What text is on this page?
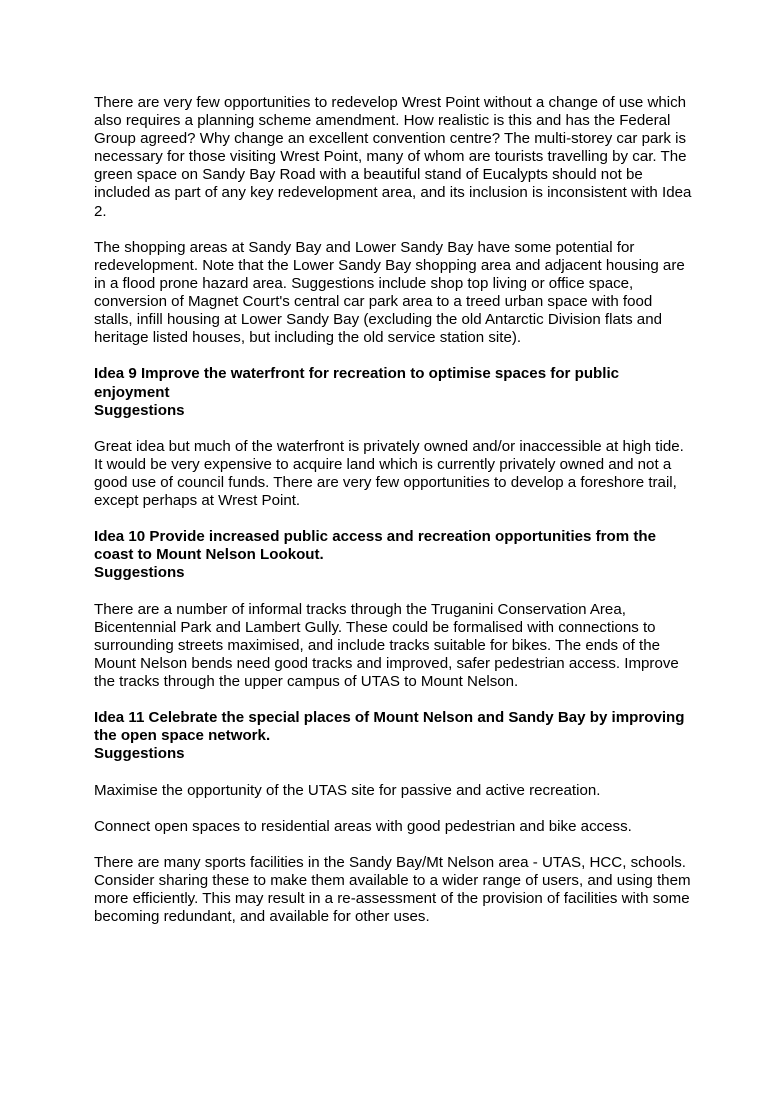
There are very few opportunities to redevelop Wrest Point without a change of use which also requires a planning scheme amendment. How realistic is this and has the Federal Group agreed? Why change an excellent convention centre? The multi-storey car park is necessary for those visiting Wrest Point, many of whom are tourists travelling by car. The green space on Sandy Bay Road with a beautiful stand of Eucalypts should not be included as part of any key redevelopment area, and its inclusion is inconsistent with Idea 2.

The shopping areas at Sandy Bay and Lower Sandy Bay have some potential for redevelopment. Note that the Lower Sandy Bay shopping area and adjacent housing are in a flood prone hazard area. Suggestions include shop top living or office space, conversion of Magnet Court's central car park area to a treed urban space with food stalls, infill housing at Lower Sandy Bay (excluding the old Antarctic Division flats and heritage listed houses, but including the old service station site).

Idea 9 Improve the waterfront for recreation to optimise spaces for public enjoyment

Suggestions

Great idea but much of the waterfront is privately owned and/or inaccessible at high tide. It would be very expensive to acquire land which is currently privately owned and not a good use of council funds. There are very few opportunities to develop a foreshore trail, except perhaps at Wrest Point.

Idea 10 Provide increased public access and recreation opportunities from the coast to Mount Nelson Lookout.

Suggestions

There are a number of informal tracks through the Truganini Conservation Area, Bicentennial Park and Lambert Gully. These could be formalised with connections to surrounding streets maximised, and include tracks suitable for bikes. The ends of the Mount Nelson bends need good tracks and improved, safer pedestrian access. Improve the tracks through the upper campus of UTAS to Mount Nelson.

Idea 11 Celebrate the special places of Mount Nelson and Sandy Bay by improving the open space network.

Suggestions

Maximise the opportunity of the UTAS site for passive and active recreation.

Connect open spaces to residential areas with good pedestrian and bike access.

There are many sports facilities in the Sandy Bay/Mt Nelson area - UTAS, HCC, schools. Consider sharing these to make them available to a wider range of users, and using them more efficiently. This may result in a re-assessment of the provision of facilities with some becoming redundant, and available for other uses.
